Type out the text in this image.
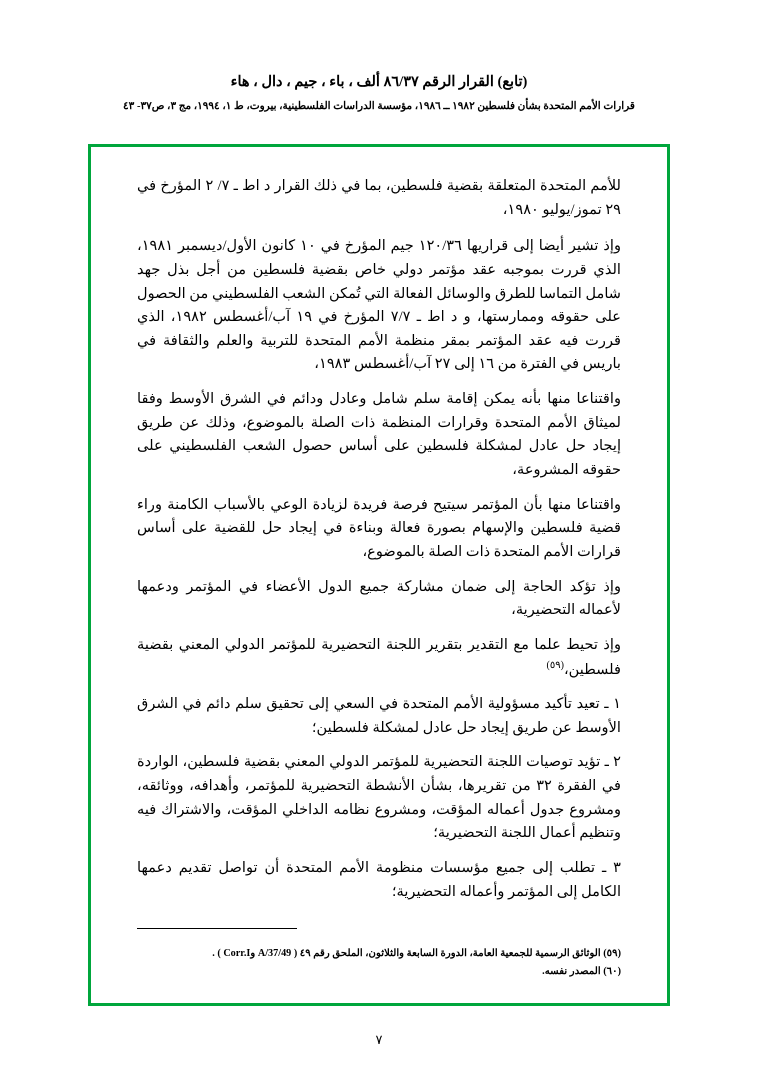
(تابع) القرار الرقم ٨٦/٣٧ ألف ، باء ، جيم ، دال ، هاء
قرارات الأمم المتحدة بشأن فلسطين ١٩٨٢ ــ ١٩٨٦، مؤسسة الدراسات الفلسطينية، بيروت، ط ١، ١٩٩٤، مج ٣، ص٣٧- ٤٣

للأمم المتحدة المتعلقة بقضية فلسطين، بما في ذلك القرار د اط ـ ٧/ ٢ المؤرخ في ٢٩ تموز/يوليو ١٩٨٠،

وإذ تشير أيضا إلى قراريها ١٢٠/٣٦ جيم المؤرخ في ١٠ كانون الأول/ديسمبر ١٩٨١، الذي قررت بموجبه عقد مؤتمر دولي خاص بقضية فلسطين من أجل بذل جهد شامل التماسا للطرق والوسائل الفعالة التي تُمكن الشعب الفلسطيني من الحصول على حقوقه وممارستها، و د اط ـ ٧/٧ المؤرخ في ١٩ آب/أغسطس ١٩٨٢، الذي قررت فيه عقد المؤتمر بمقر منظمة الأمم المتحدة للتربية والعلم والثقافة في باريس في الفترة من ١٦ إلى ٢٧ آب/أغسطس ١٩٨٣،

واقتناعا منها بأنه يمكن إقامة سلم شامل وعادل ودائم في الشرق الأوسط وفقا لميثاق الأمم المتحدة وقرارات المنظمة ذات الصلة بالموضوع، وذلك عن طريق إيجاد حل عادل لمشكلة فلسطين على أساس حصول الشعب الفلسطيني على حقوقه المشروعة،

واقتناعا منها بأن المؤتمر سيتيح فرصة فريدة لزيادة الوعي بالأسباب الكامنة وراء قضية فلسطين والإسهام بصورة فعالة وبناءة في إيجاد حل للقضية على أساس قرارات الأمم المتحدة ذات الصلة بالموضوع،

وإذ تؤكد الحاجة إلى ضمان مشاركة جميع الدول الأعضاء في المؤتمر ودعمها لأعماله التحضيرية،

وإذ تحيط علما مع التقدير بتقرير اللجنة التحضيرية للمؤتمر الدولي المعني بقضية فلسطين،$^{(٥٩)}$

١ ـ تعيد تأكيد مسؤولية الأمم المتحدة في السعي إلى تحقيق سلم دائم في الشرق الأوسط عن طريق إيجاد حل عادل لمشكلة فلسطين؛

٢ ـ تؤيد توصيات اللجنة التحضيرية للمؤتمر الدولي المعني بقضية فلسطين، الواردة في الفقرة ٣٢ من تقريرها، بشأن الأنشطة التحضيرية للمؤتمر، وأهدافه، ووثائقه، ومشروع جدول أعماله المؤقت، ومشروع نظامه الداخلي المؤقت، والاشتراك فيه وتنظيم أعمال اللجنة التحضيرية؛

٣ ـ تطلب إلى جميع مؤسسات منظومة الأمم المتحدة أن تواصل تقديم دعمها الكامل إلى المؤتمر وأعماله التحضيرية؛

(٥٩) الوثائق الرسمية للجمعية العامة، الدورة السابعة والثلاثون، الملحق رقم ٤٩ ( A/37/49 وCorr.I ) .
(٦٠) المصدر نفسه.
٧
